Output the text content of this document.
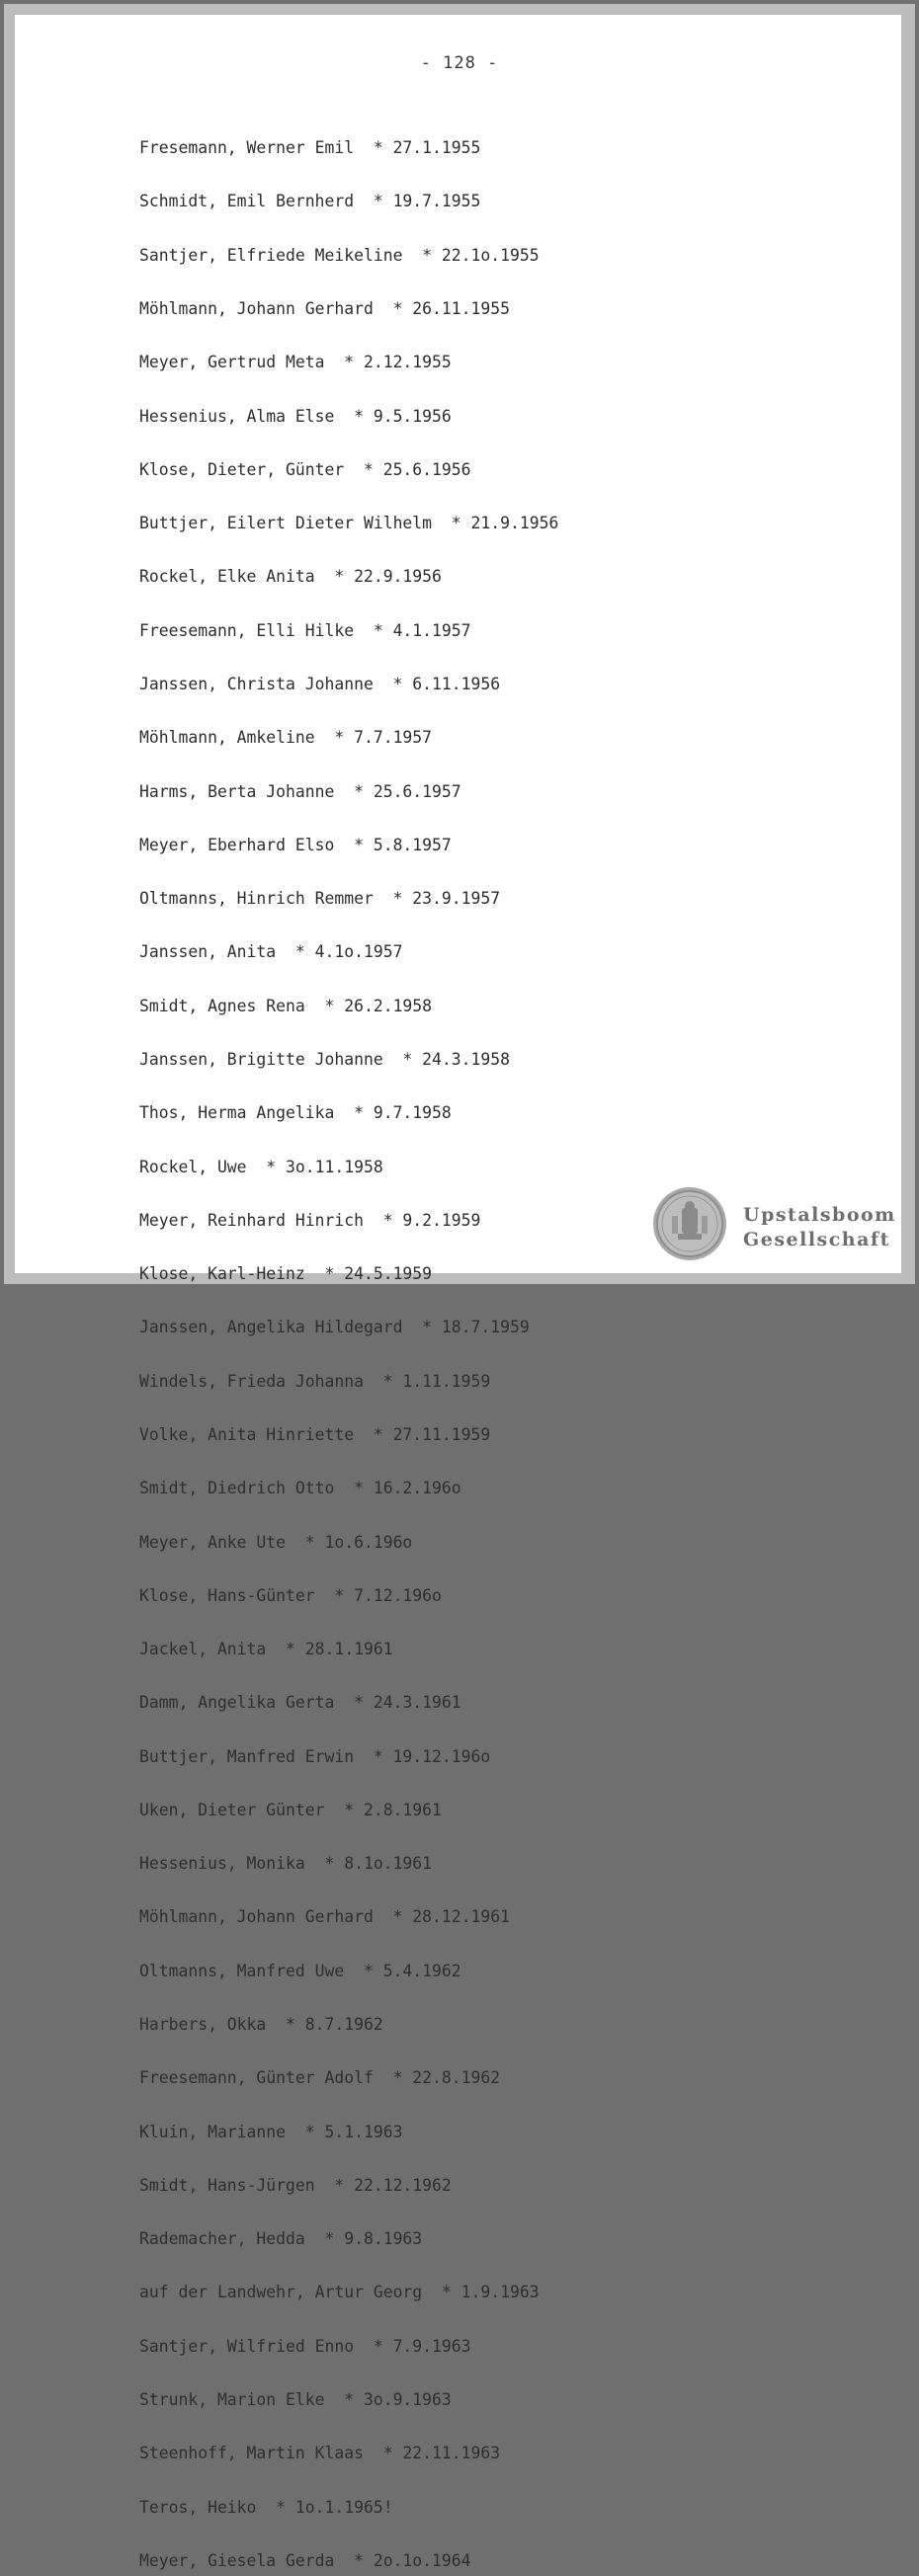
- 128 -

Fresemann, Werner Emil  * 27.1.1955

Schmidt, Emil Bernherd  * 19.7.1955

Santjer, Elfriede Meikeline  * 22.1o.1955

Möhlmann, Johann Gerhard  * 26.11.1955

Meyer, Gertrud Meta  * 2.12.1955

Hessenius, Alma Else  * 9.5.1956

Klose, Dieter, Günter  * 25.6.1956

Buttjer, Eilert Dieter Wilhelm  * 21.9.1956

Rockel, Elke Anita  * 22.9.1956

Freesemann, Elli Hilke  * 4.1.1957

Janssen, Christa Johanne  * 6.11.1956

Möhlmann, Amkeline  * 7.7.1957

Harms, Berta Johanne  * 25.6.1957

Meyer, Eberhard Elso  * 5.8.1957

Oltmanns, Hinrich Remmer  * 23.9.1957

Janssen, Anita  * 4.1o.1957

Smidt, Agnes Rena  * 26.2.1958

Janssen, Brigitte Johanne  * 24.3.1958

Thos, Herma Angelika  * 9.7.1958

Rockel, Uwe  * 3o.11.1958

Meyer, Reinhard Hinrich  * 9.2.1959

Klose, Karl-Heinz  * 24.5.1959

Janssen, Angelika Hildegard  * 18.7.1959

Windels, Frieda Johanna  * 1.11.1959

Volke, Anita Hinriette  * 27.11.1959

Smidt, Diedrich Otto  * 16.2.196o

Meyer, Anke Ute  * 1o.6.196o

Klose, Hans-Günter  * 7.12.196o

Jackel, Anita  * 28.1.1961

Damm, Angelika Gerta  * 24.3.1961

Buttjer, Manfred Erwin  * 19.12.196o

Uken, Dieter Günter  * 2.8.1961

Hessenius, Monika  * 8.1o.1961

Möhlmann, Johann Gerhard  * 28.12.1961

Oltmanns, Manfred Uwe  * 5.4.1962

Harbers, Okka  * 8.7.1962

Freesemann, Günter Adolf  * 22.8.1962

Kluin, Marianne  * 5.1.1963

Smidt, Hans-Jürgen  * 22.12.1962

Rademacher, Hedda  * 9.8.1963

auf der Landwehr, Artur Georg  * 1.9.1963

Santjer, Wilfried Enno  * 7.9.1963

Strunk, Marion Elke  * 3o.9.1963

Steenhoff, Martin Klaas  * 22.11.1963

Teros, Heiko  * 1o.1.1965!

Meyer, Giesela Gerda  * 2o.1o.1964

Upstalsboom
Gesellschaft
